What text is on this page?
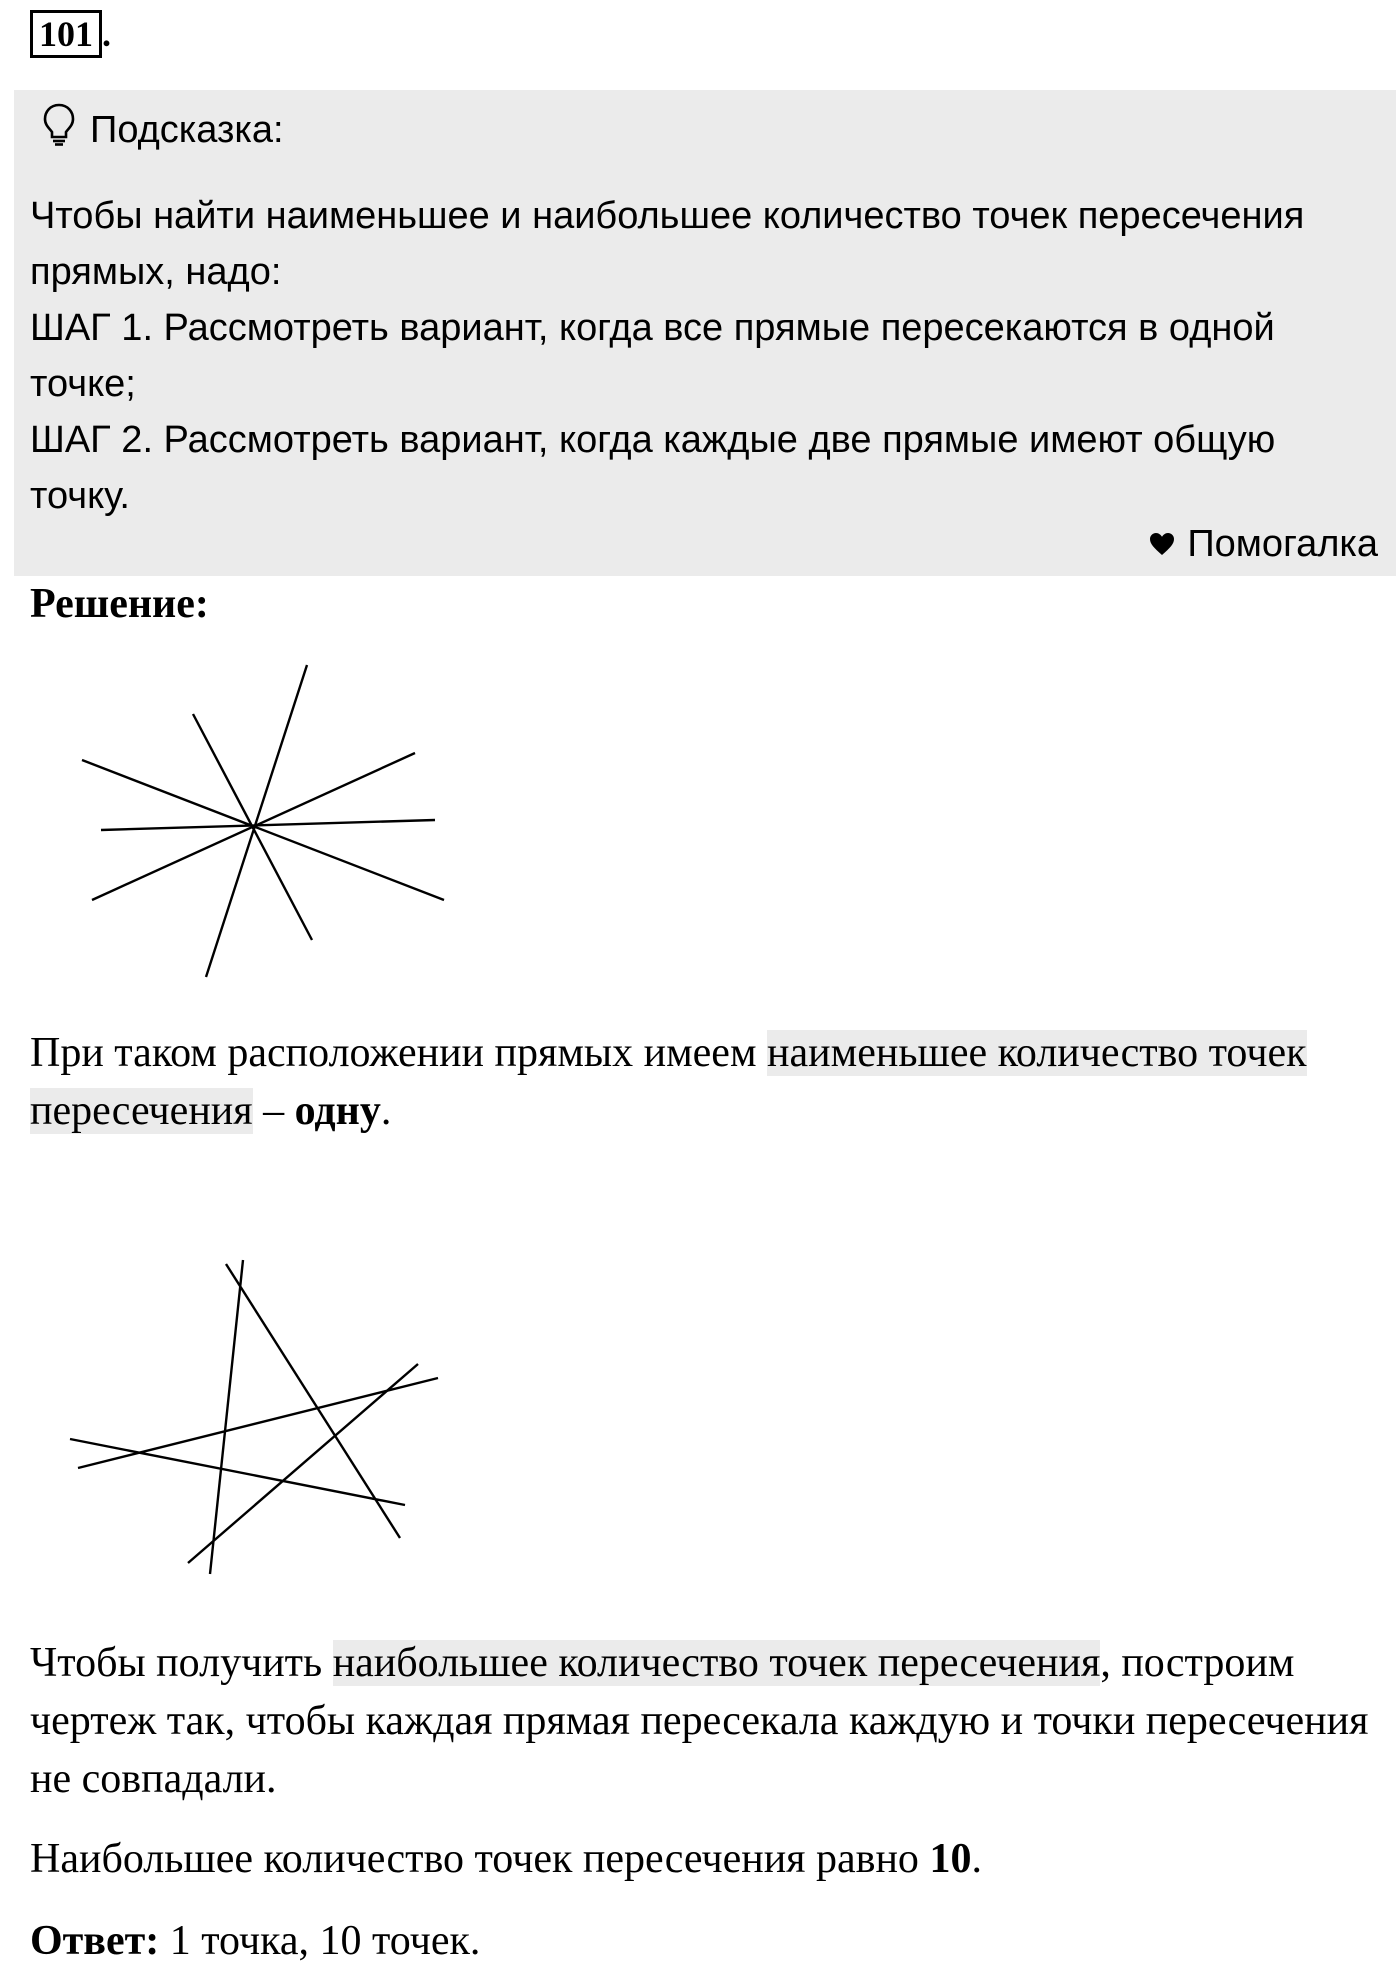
101 .
Подсказка:

Чтобы найти наименьшее и наибольшее количество точек пересечения прямых, надо:

ШАГ 1. Рассмотреть вариант, когда все прямые пересекаются в одной точке;

ШАГ 2. Рассмотреть вариант, когда каждые две прямые имеют общую точку.

Помогалка
Решение:

При таком расположении прямых имеем наименьшее количество точек пересечения – одну.

Чтобы получить наибольшее количество точек пересечения, построим чертеж так, чтобы каждая прямая пересекала каждую и точки пересечения не совпадали.

Наибольшее количество точек пересечения равно 10.

Ответ: 1 точка, 10 точек.
